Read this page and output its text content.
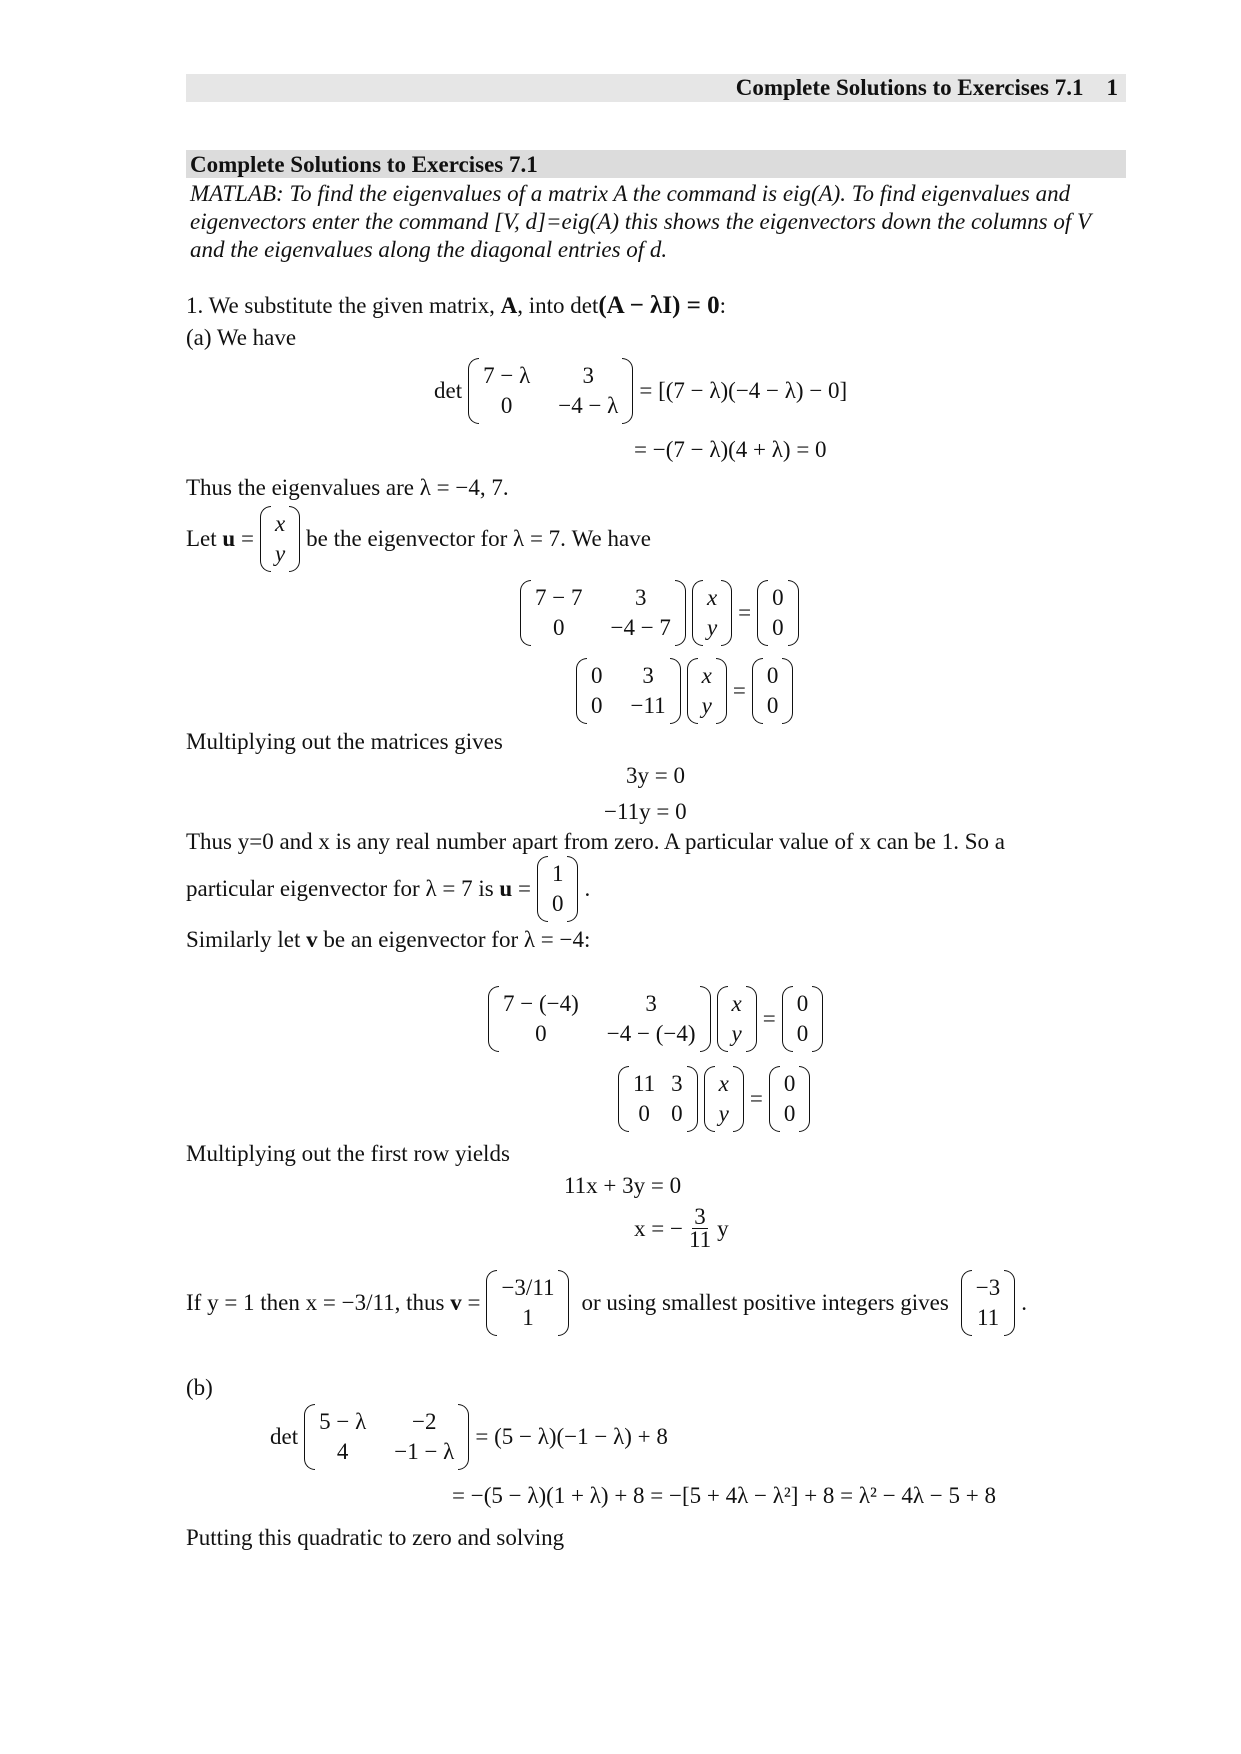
Complete Solutions to Exercises 7.1 1
Complete Solutions to Exercises 7.1
MATLAB: To find the eigenvalues of a matrix A the command is eig(A). To find eigenvalues and eigenvectors enter the command [V, d]=eig(A) this shows the eigenvectors down the columns of V and the eigenvalues along the diagonal entries of d.
1. We substitute the given matrix, A, into det(A − λI) = 0:
(a) We have
det
7 − λ	3
0	−4 − λ
= [(7 − λ)(−4 − λ) − 0]
= −(7 − λ)(4 + λ) = 0
Thus the eigenvalues are λ = −4, 7.
Let u =
x
y
be the eigenvector for λ = 7. We have
7 − 7	3
0	−4 − 7
x
y
=
0
0
0	3
0 −11
x
y
=
0
0
Multiplying out the matrices gives
3y = 0
−11y = 0
Thus y=0 and x is any real number apart from zero. A particular value of x can be 1. So a
particular eigenvector for λ = 7 is u =
1
0
.
Similarly let v be an eigenvector for λ = −4:
7 − (−4)	3
0	−4 − (−4)
x
y
=
0
0
11 3
0 0
x
y
=
0
0
Multiplying out the first row yields
11x + 3y = 0
x = − $\frac{3}{11}$ y
If y = 1 then x = −3/11, thus v =
−3/11
1
or using smallest positive integers gives
−3
11
.
(b)
det
5 − λ	−2
4	−1 − λ
= (5 − λ)(−1 − λ) + 8
= −(5 − λ)(1 + λ) + 8 = −[5 + 4λ − λ²] + 8 = λ² − 4λ − 5 + 8
Putting this quadratic to zero and solving
